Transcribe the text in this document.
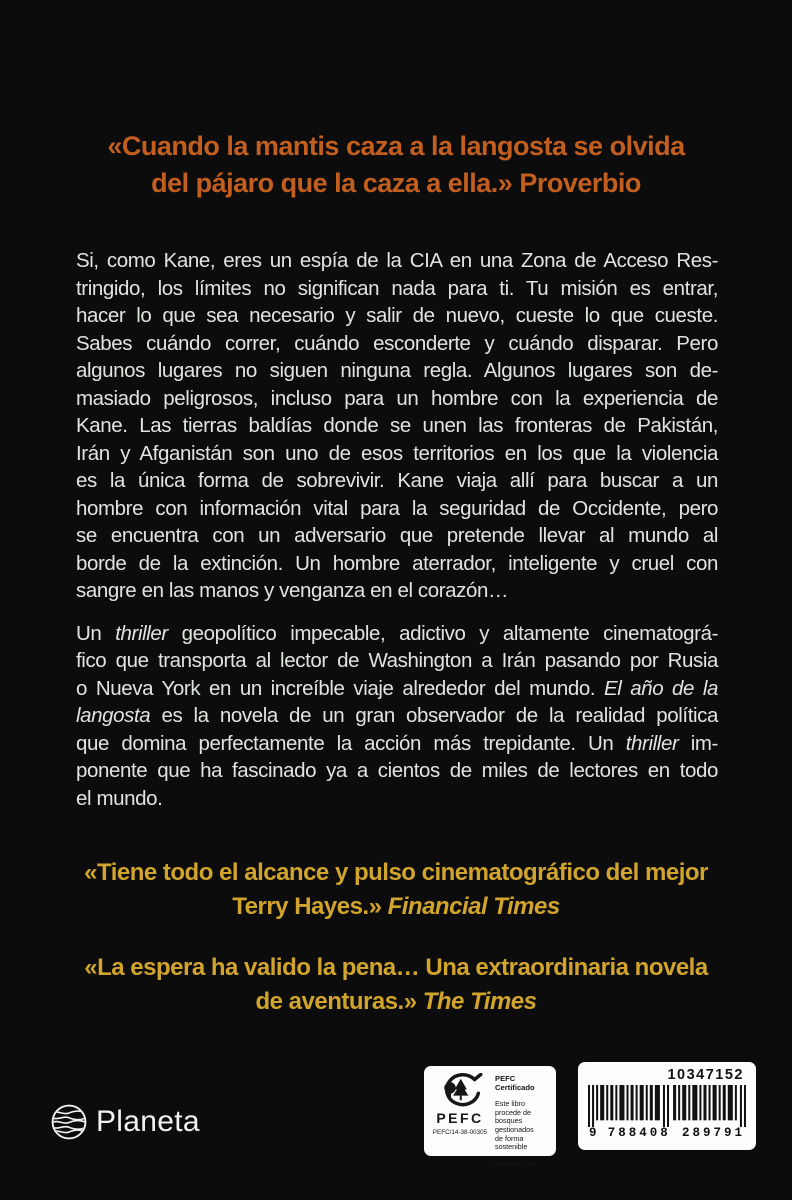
«Cuando la mantis caza a la langosta se olvida
del pájaro que la caza a ella.» Proverbio
Si, como Kane, eres un espía de la CIA en una Zona de Acceso Res-
tringido, los límites no significan nada para ti. Tu misión es entrar,
hacer lo que sea necesario y salir de nuevo, cueste lo que cueste.
Sabes cuándo correr, cuándo esconderte y cuándo disparar. Pero
algunos lugares no siguen ninguna regla. Algunos lugares son de-
masiado peligrosos, incluso para un hombre con la experiencia de
Kane. Las tierras baldías donde se unen las fronteras de Pakistán,
Irán y Afganistán son uno de esos territorios en los que la violencia
es la única forma de sobrevivir. Kane viaja allí para buscar a un
hombre con información vital para la seguridad de Occidente, pero
se encuentra con un adversario que pretende llevar al mundo al
borde de la extinción. Un hombre aterrador, inteligente y cruel con
sangre en las manos y venganza en el corazón…
Un thriller geopolítico impecable, adictivo y altamente cinematográ-
fico que transporta al lector de Washington a Irán pasando por Rusia
o Nueva York en un increíble viaje alrededor del mundo. El año de la
langosta es la novela de un gran observador de la realidad política
que domina perfectamente la acción más trepidante. Un thriller im-
ponente que ha fascinado ya a cientos de miles de lectores en todo
el mundo.
«Tiene todo el alcance y pulso cinematográfico del mejor
Terry Hayes.» Financial Times
«La espera ha valido la pena… Una extraordinaria novela
de aventuras.» The Times
Planeta	PEFC
PEFC/14-38-00305
PEFC Certificado
Este libro procede de
bosques gestionados
de forma sostenible
www.pefc.es
10347152
9 788408 289791
